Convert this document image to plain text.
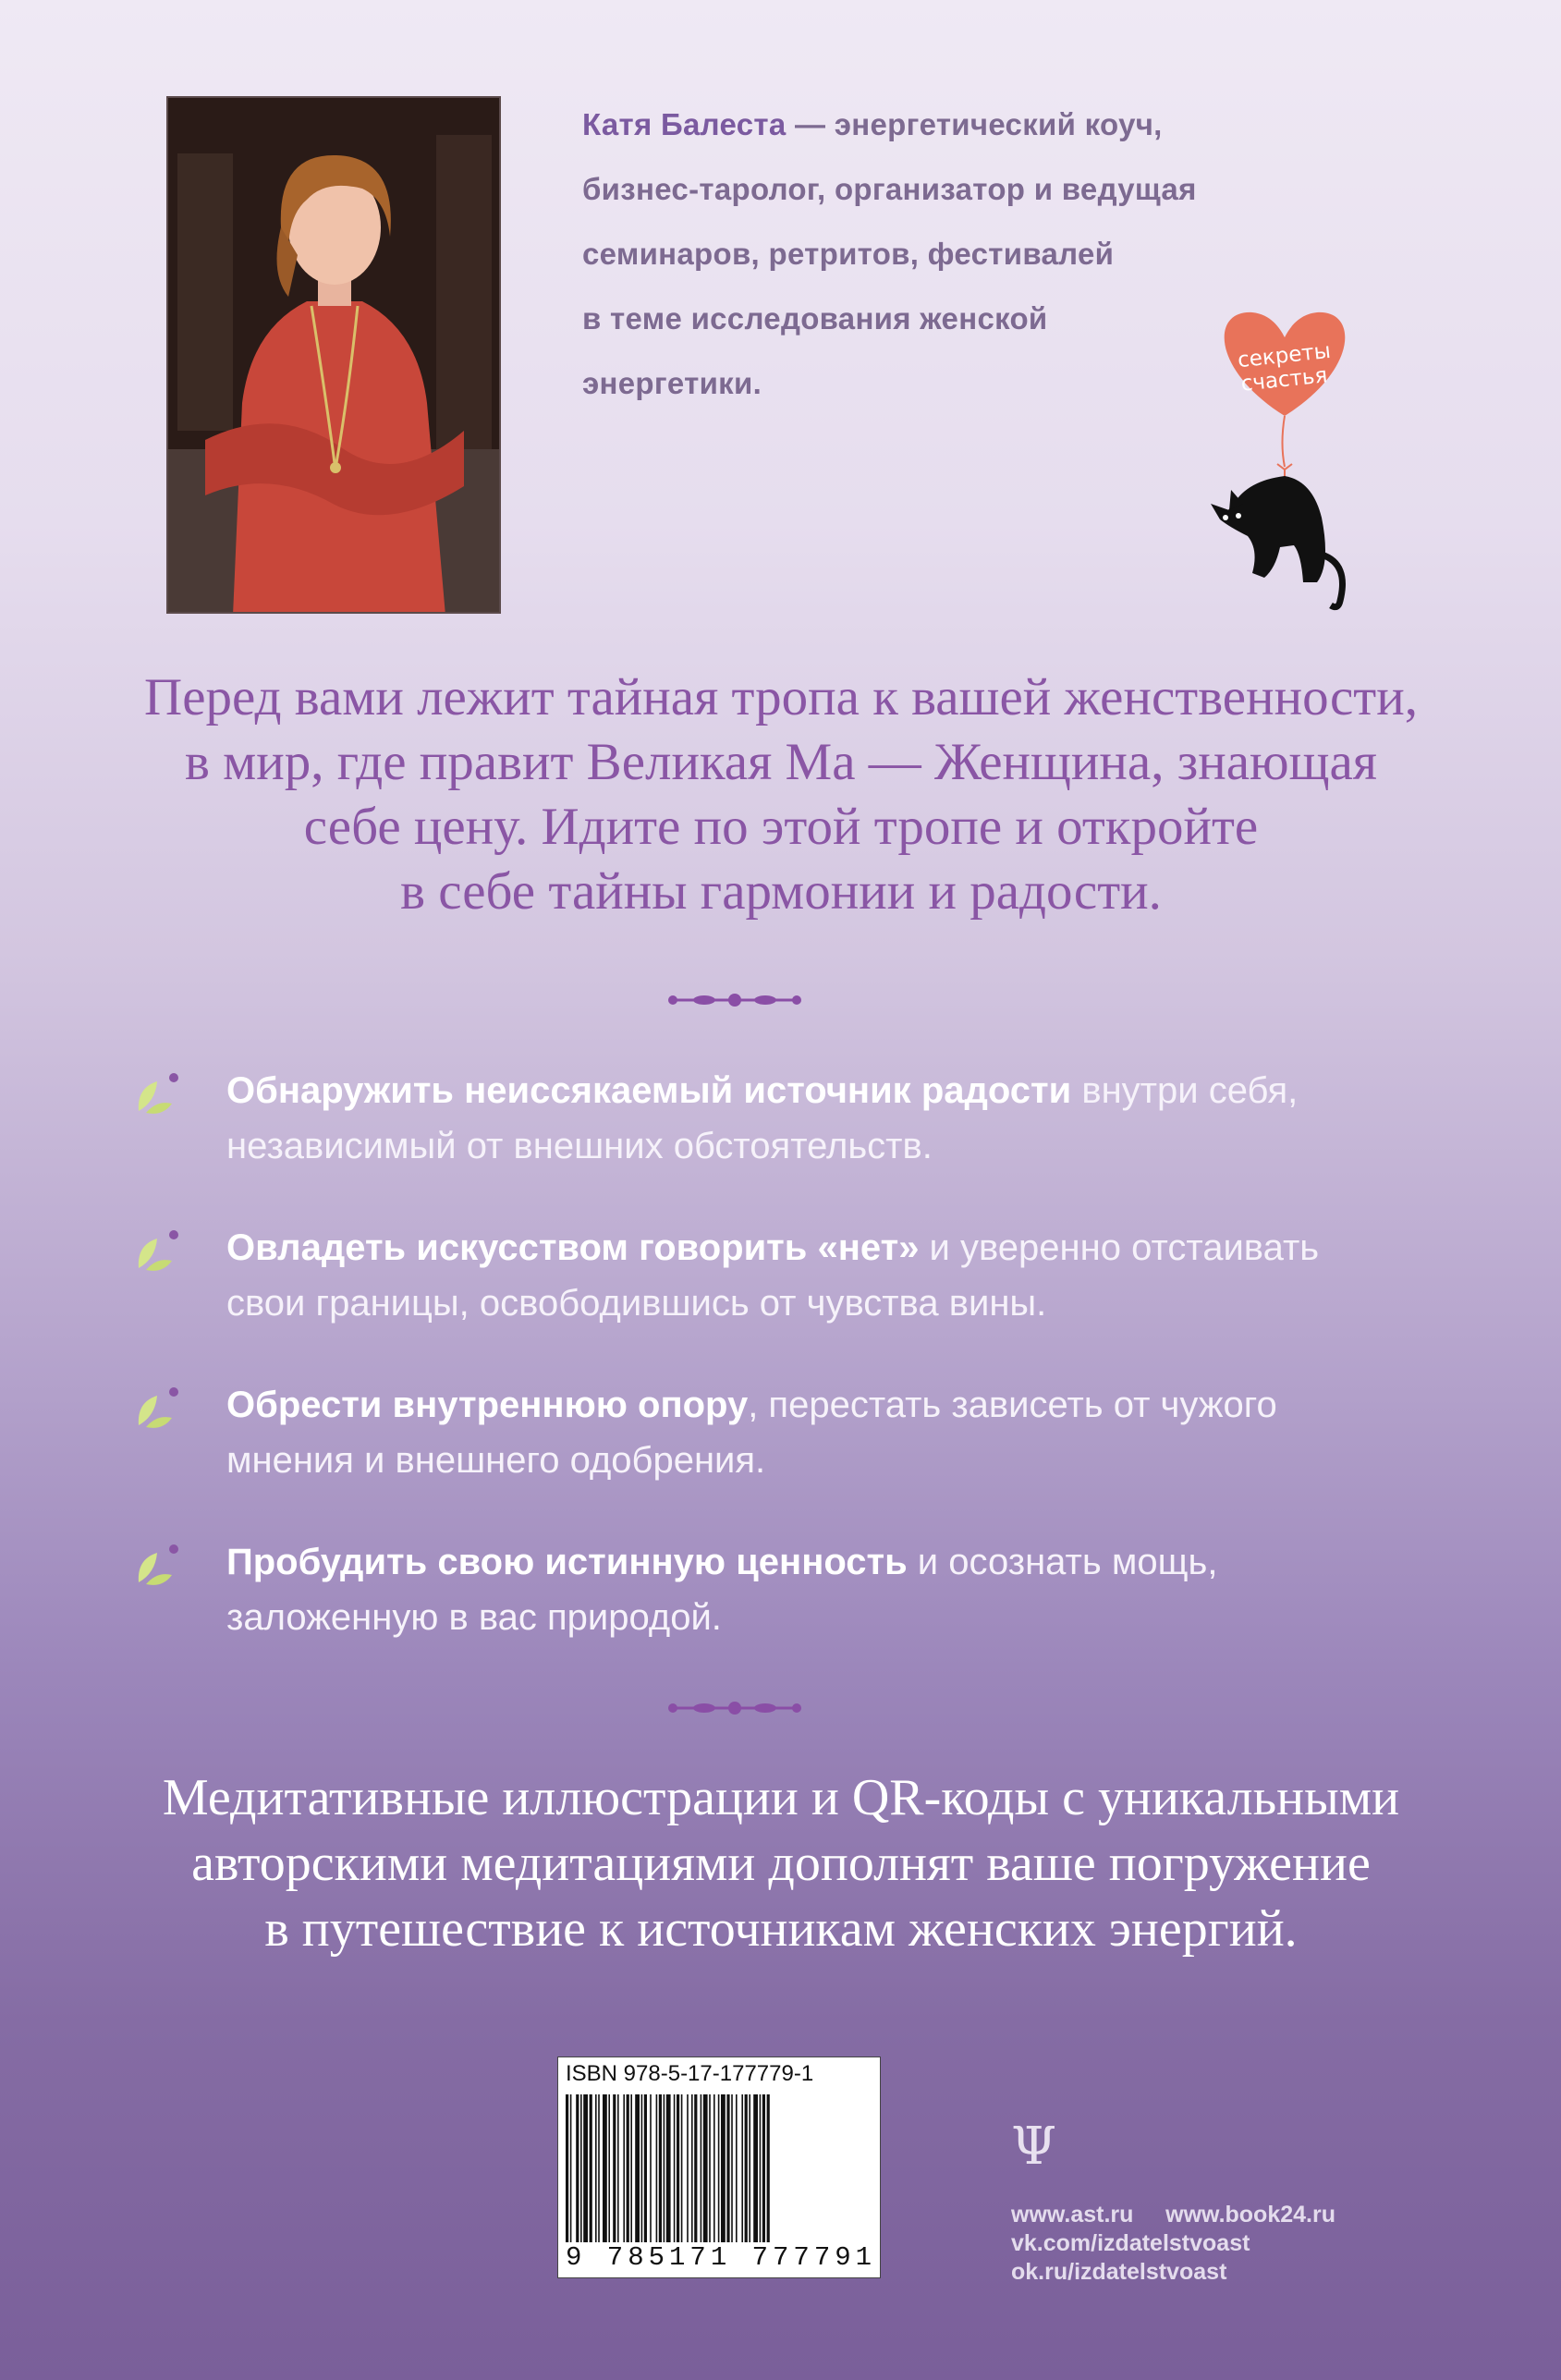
Катя Балеста — энергетический коуч,
бизнес-таролог, организатор и ведущая
семинаров, ретритов, фестивалей
в теме исследования женской
энергетики.
секреты
счастья
Перед вами лежит тайная тропа к вашей женственности,
в мир, где правит Великая Ма — Женщина, знающая
себе цену. Идите по этой тропе и откройте
в себе тайны гармонии и радости.
Обнаружить неиссякаемый источник радости внутри себя,
независимый от внешних обстоятельств.
Овладеть искусством говорить «нет» и уверенно отстаивать
свои границы, освободившись от чувства вины.
Обрести внутреннюю опору, перестать зависеть от чужого
мнения и внешнего одобрения.
Пробудить свою истинную ценность и осознать мощь,
заложенную в вас природой.
Медитативные иллюстрации и QR-коды с уникальными
авторскими медитациями дополнят ваше погружение
в путешествие к источникам женских энергий.
ISBN 978-5-17-177779-1
9 785171 777791
Ψ
www.ast.ru     www.book24.ru
vk.com/izdatelstvoast
ok.ru/izdatelstvoast
